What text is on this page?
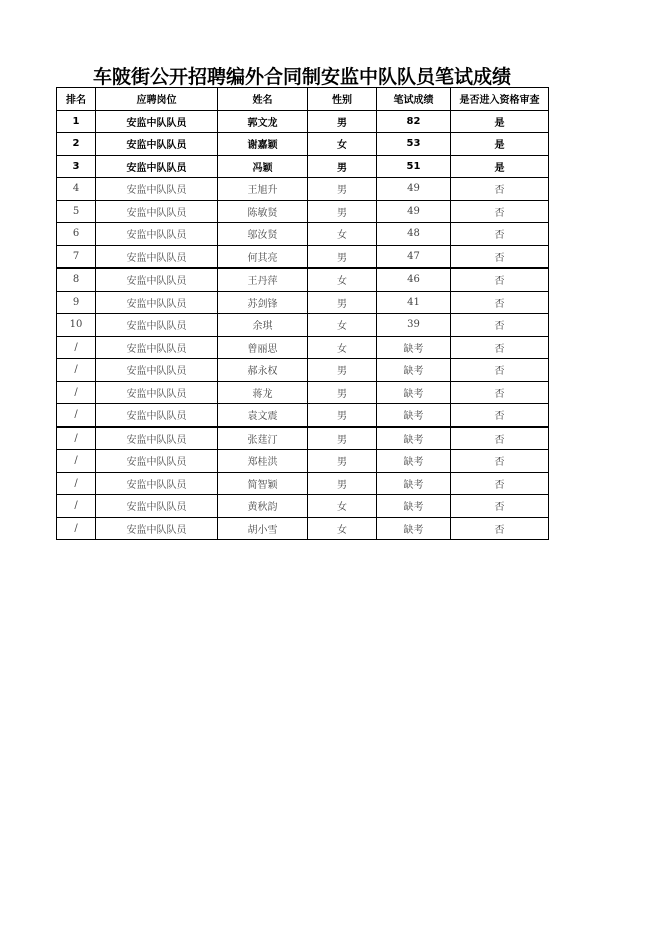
车陂街公开招聘编外合同制安监中队队员笔试成绩
排名	应聘岗位	姓名	性别	笔试成绩	是否进入资格审查
1	安监中队队员	郭文龙	男	82	是
2	安监中队队员	谢嘉颖	女	53	是
3	安监中队队员	冯颖	男	51	是
4	安监中队队员	王旭升	男	49	否
5	安监中队队员	陈敏贤	男	49	否
6	安监中队队员	邬汝贤	女	48	否
7	安监中队队员	何其亮	男	47	否
8	安监中队队员	王丹萍	女	46	否
9	安监中队队员	苏剑锋	男	41	否
10	安监中队队员	余琪	女	39	否
/	安监中队队员	曾丽思	女	缺考	否
/	安监中队队员	郝永权	男	缺考	否
/	安监中队队员	蒋龙	男	缺考	否
/	安监中队队员	袁文震	男	缺考	否
/	安监中队队员	张莛汀	男	缺考	否
/	安监中队队员	郑桂洪	男	缺考	否
/	安监中队队员	简智颖	男	缺考	否
/	安监中队队员	黄秋韵	女	缺考	否
/	安监中队队员	胡小雪	女	缺考	否
